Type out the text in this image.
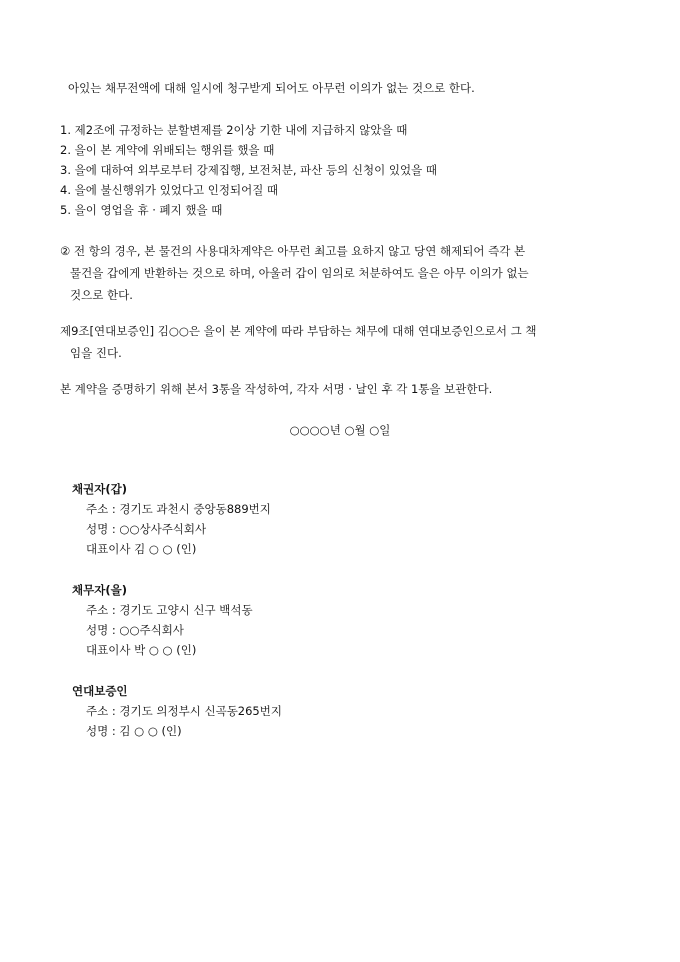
아있는 채무전액에 대해 일시에 청구받게 되어도 아무런 이의가 없는 것으로 한다.
1. 제2조에 규정하는 분할변제를 2이상 기한 내에 지급하지 않았을 때
2. 을이 본 계약에 위배되는 행위를 했을 때
3. 을에 대하여 외부로부터 강제집행, 보전처분, 파산 등의 신청이 있었을 때
4. 을에 불신행위가 있었다고 인정되어질 때
5. 을이 영업을 휴 · 폐지 했을 때
② 전 항의 경우, 본 물건의 사용대차계약은 아무런 최고를 요하지 않고 당연 해제되어 즉각 본
물건을 갑에게 반환하는 것으로 하며, 아울러 갑이 임의로 처분하여도 을은 아무 이의가 없는
것으로 한다.
제9조[연대보증인] 김○○은 을이 본 계약에 따라 부담하는 채무에 대해 연대보증인으로서 그 책
임을 진다.
본 계약을 증명하기 위해 본서 3통을 작성하여, 각자 서명 · 날인 후 각 1통을 보관한다.
○○○○년 ○월 ○일
채권자(갑)
주소 : 경기도 과천시 중앙동889번지
성명 : ○○상사주식회사
대표이사 김 ○ ○ (인)
채무자(을)
주소 : 경기도 고양시 신구 백석동
성명 : ○○주식회사
대표이사 박 ○ ○ (인)
연대보증인
주소 : 경기도 의정부시 신곡동265번지
성명 : 김 ○ ○ (인)
